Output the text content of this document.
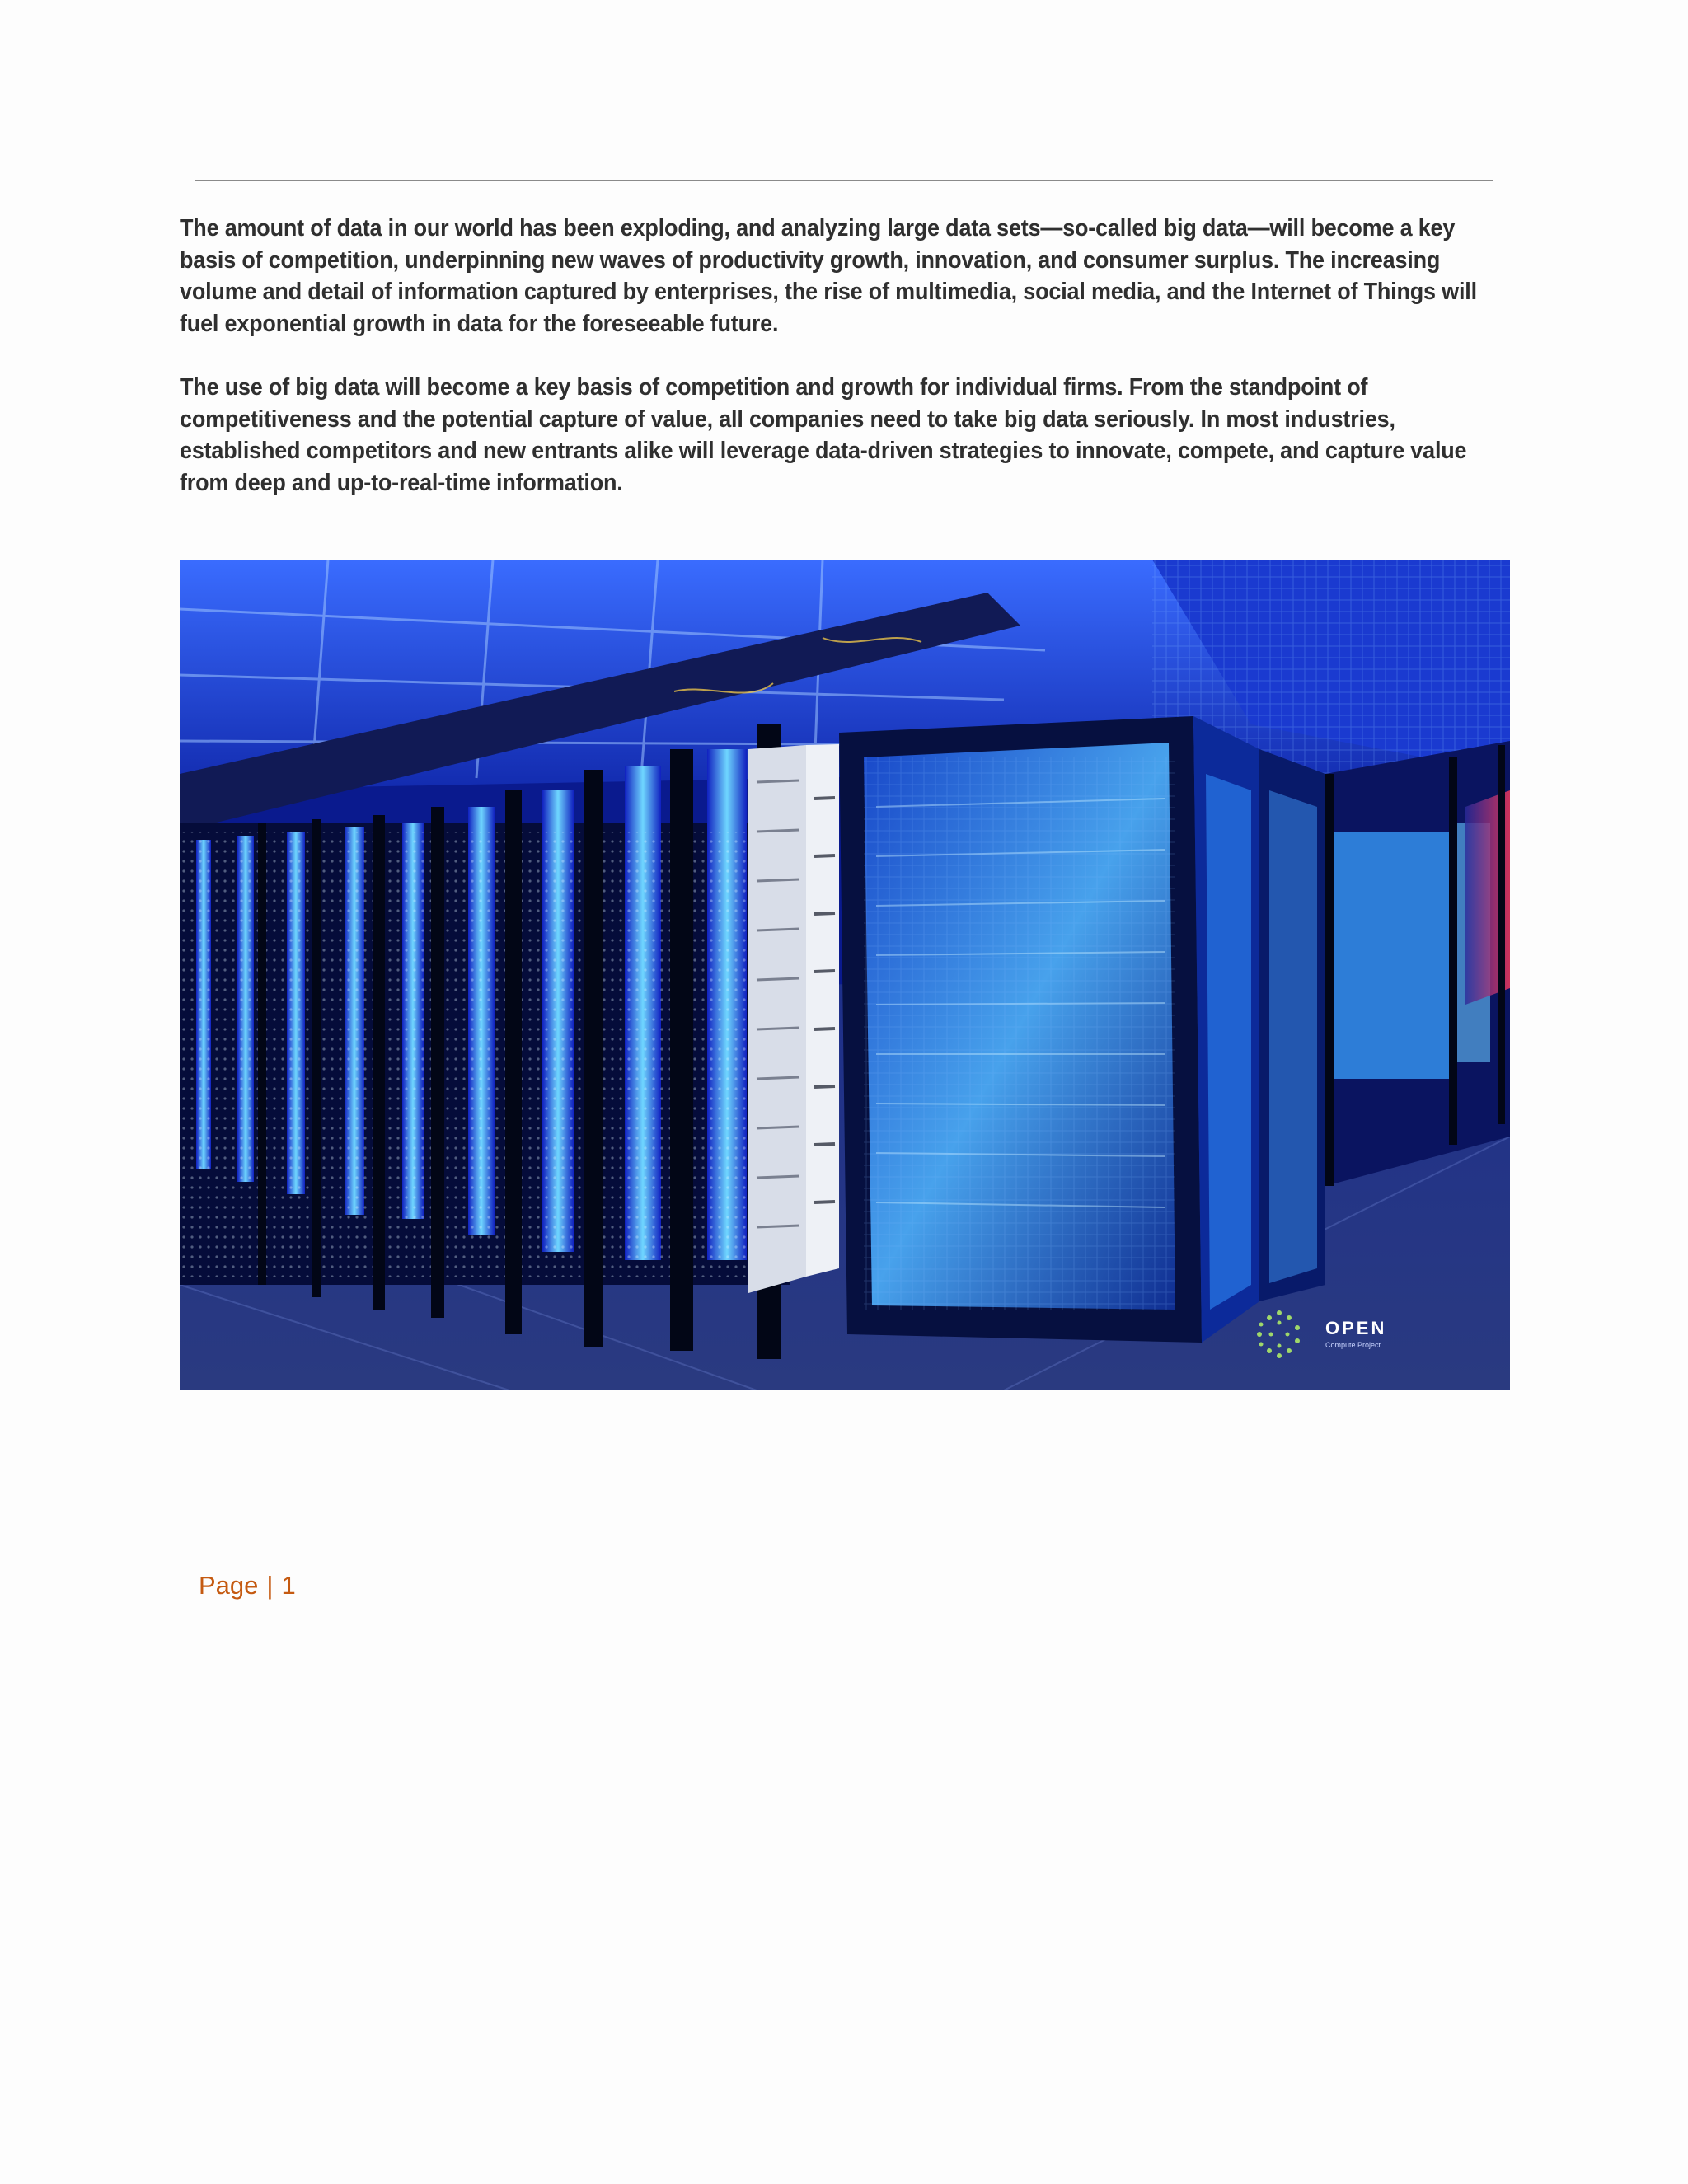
The amount of data in our world has been exploding, and analyzing large data sets—so-called big data—will become a key basis of competition, underpinning new waves of productivity growth, innovation, and consumer surplus. The increasing volume and detail of information captured by enterprises, the rise of multimedia, social media, and the Internet of Things will fuel exponential growth in data for the foreseeable future.

The use of big data will become a key basis of competition and growth for individual firms. From the standpoint of competitiveness and the potential capture of value, all companies need to take big data seriously. In most industries, established competitors and new entrants alike will leverage data-driven strategies to innovate, compete, and capture value from deep and up-to-real-time information.

OPEN
Compute Project
Page | 1
